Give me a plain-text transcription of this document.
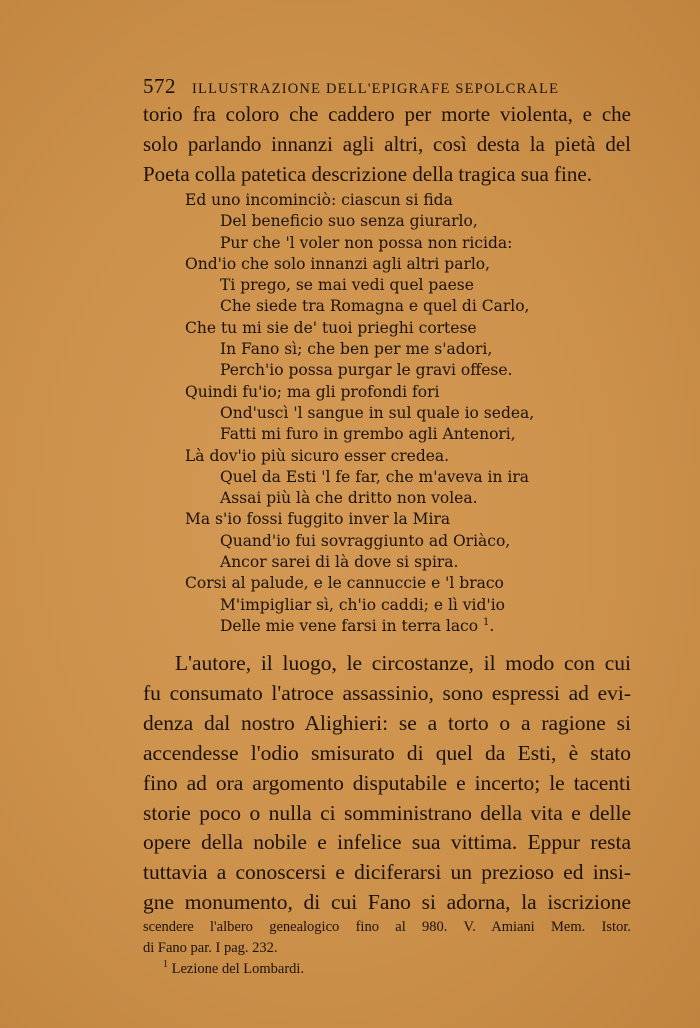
572 ILLUSTRAZIONE DELL'EPIGRAFE SEPOLCRALE
torio fra coloro che caddero per morte violenta, e che
solo parlando innanzi agli altri, così desta la pietà del
Poeta colla patetica descrizione della tragica sua fine.
Ed uno incominciò: ciascun si fida
Del beneficio suo senza giurarlo,
Pur che 'l voler non possa non ricida:
Ond'io che solo innanzi agli altri parlo,
Ti prego, se mai vedi quel paese
Che siede tra Romagna e quel di Carlo,
Che tu mi sie de' tuoi prieghi cortese
In Fano sì; che ben per me s'adori,
Perch'io possa purgar le gravi offese.
Quindi fu'io; ma gli profondi fori
Ond'uscì 'l sangue in sul quale io sedea,
Fatti mi furo in grembo agli Antenori,
Là dov'io più sicuro esser credea.
Quel da Esti 'l fe far, che m'aveva in ira
Assai più là che dritto non volea.
Ma s'io fossi fuggito inver la Mira
Quand'io fui sovraggiunto ad Oriàco,
Ancor sarei di là dove si spira.
Corsi al palude, e le cannuccie e 'l braco
M'impigliar sì, ch'io caddi; e lì vid'io
Delle mie vene farsi in terra laco $^1$.
L'autore, il luogo, le circostanze, il modo con cui
fu consumato l'atroce assassinio, sono espressi ad evi-
denza dal nostro Alighieri: se a torto o a ragione si
accendesse l'odio smisurato di quel da Esti, è stato
fino ad ora argomento disputabile e incerto; le tacenti
storie poco o nulla ci somministrano della vita e delle
opere della nobile e infelice sua vittima. Eppur resta
tuttavia a conoscersi e diciferarsi un prezioso ed insi-
gne monumento, di cui Fano si adorna, la iscrizione
scendere l'albero genealogico fino al 980. V. Amiani Mem. Istor.
di Fano par. I pag. 232.
$^1$ Lezione del Lombardi.
